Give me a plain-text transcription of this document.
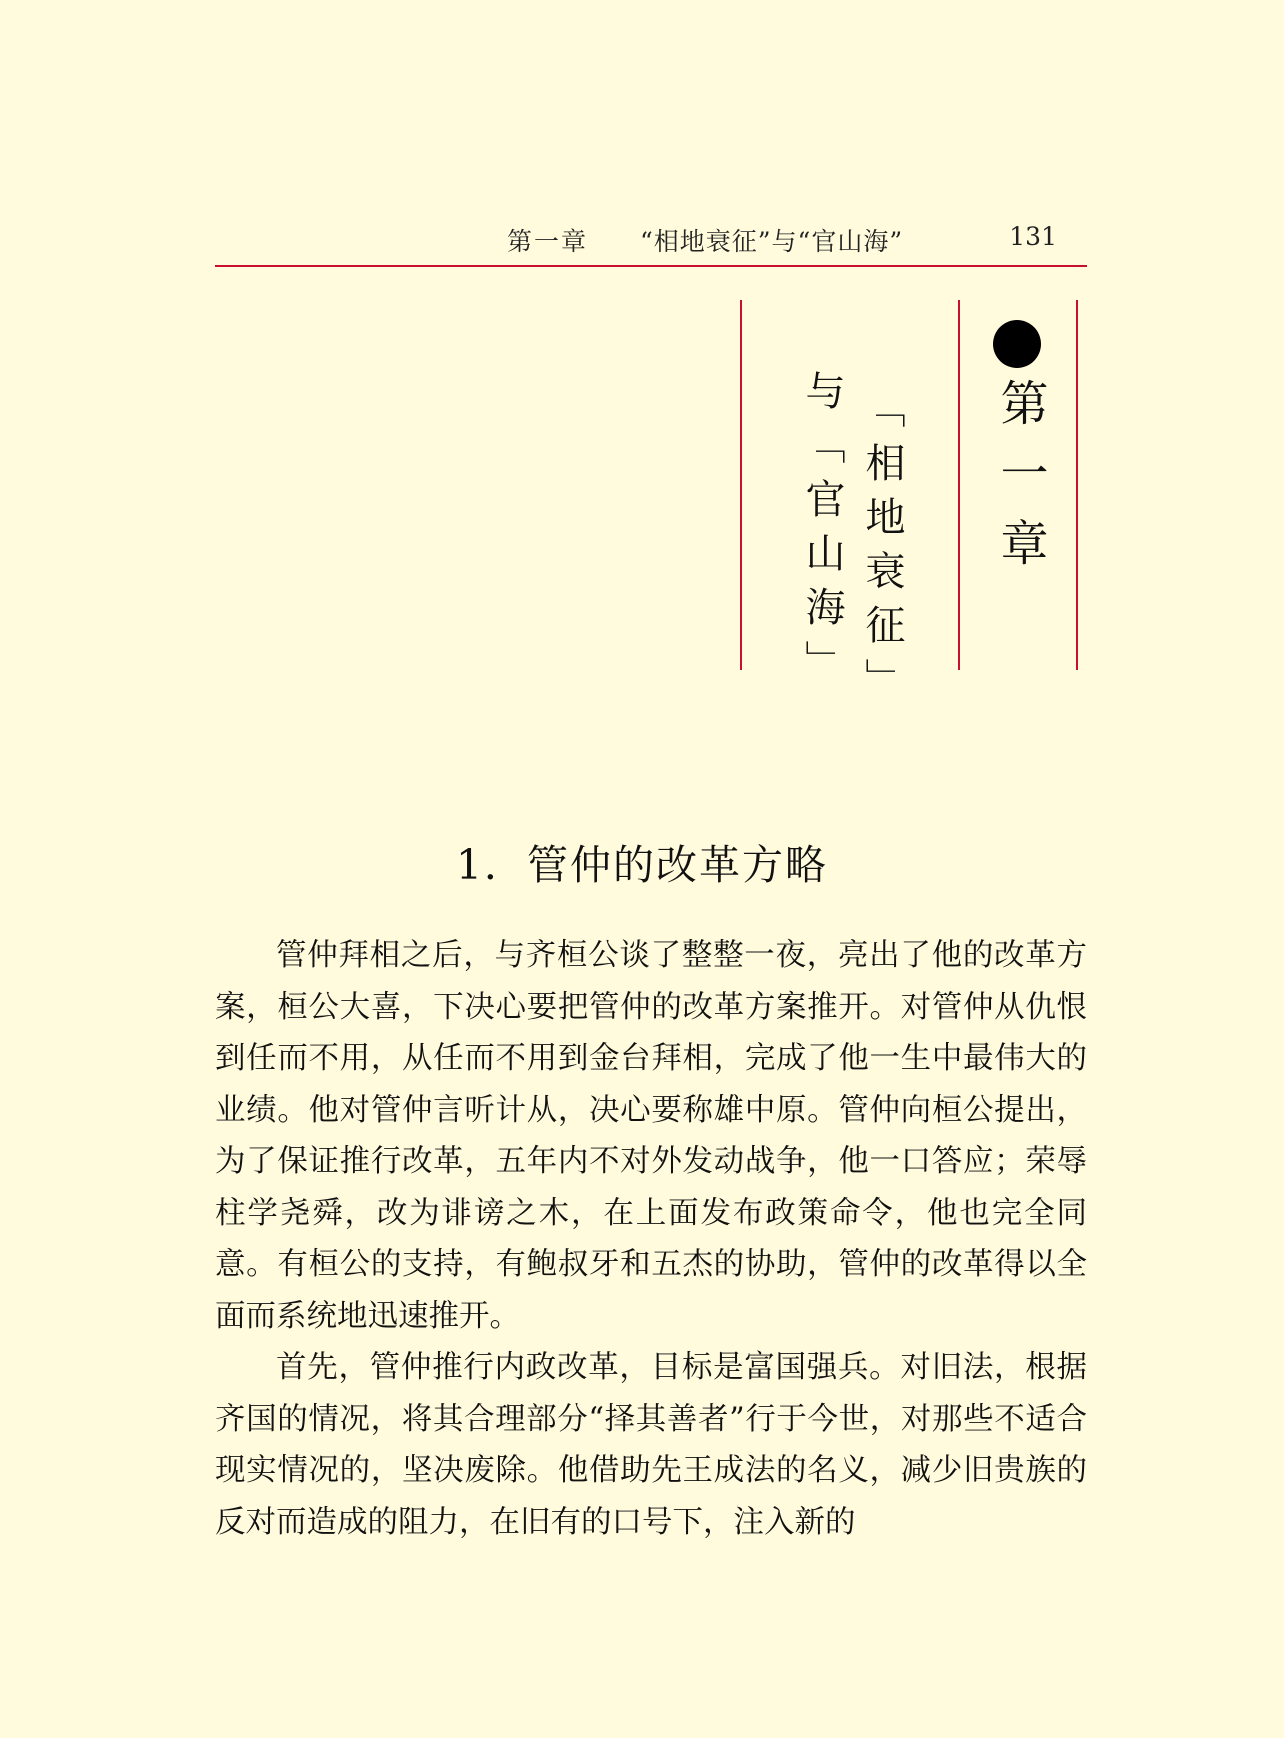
第一章 “相地衰征”与“官山海”	131
第一章
「相地衰征」
与「官山海」
1．管仲的改革方略

管仲拜相之后，与齐桓公谈了整整一夜，亮出了他的改革方案，桓公大喜，下决心要把管仲的改革方案推开。对管仲从仇恨到任而不用，从任而不用到金台拜相，完成了他一生中最伟大的业绩。他对管仲言听计从，决心要称雄中原。管仲向桓公提出，为了保证推行改革，五年内不对外发动战争，他一口答应；荣辱柱学尧舜，改为诽谤之木，在上面发布政策命令，他也完全同意。有桓公的支持，有鲍叔牙和五杰的协助，管仲的改革得以全面而系统地迅速推开。

首先，管仲推行内政改革，目标是富国强兵。对旧法，根据齐国的情况，将其合理部分“择其善者”行于今世，对那些不适合现实情况的，坚决废除。他借助先王成法的名义，减少旧贵族的反对而造成的阻力，在旧有的口号下，注入新的
